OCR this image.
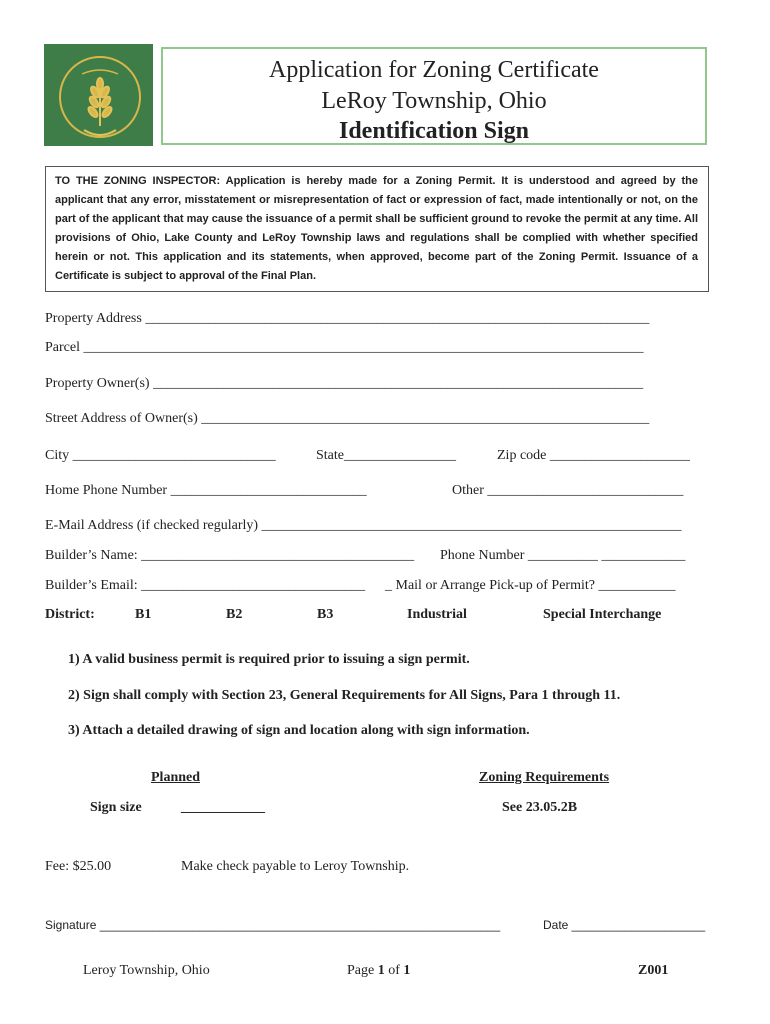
Application for Zoning Certificate
LeRoy Township, Ohio
Identification Sign
TO THE ZONING INSPECTOR: Application is hereby made for a Zoning Permit. It is understood and agreed by the applicant that any error, misstatement or misrepresentation of fact or expression of fact, made intentionally or not, on the part of the applicant that may cause the issuance of a permit shall be sufficient ground to revoke the permit at any time. All provisions of Ohio, Lake County and LeRoy Township laws and regulations shall be complied with whether specified herein or not. This application and its statements, when approved, become part of the Zoning Permit. Issuance of a Certificate is subject to approval of the Final Plan.
Property Address ________________________________________________________________________
Parcel ________________________________________________________________________________
Property Owner(s) ______________________________________________________________________
Street Address of Owner(s) ________________________________________________________________
City _____________________________	State________________	Zip code ____________________
Home Phone Number ____________________________	Other ____________________________
E-Mail Address (if checked regularly) ____________________________________________________________
Builder’s Name: _______________________________________ Phone Number __________ ____________
Builder’s Email: ________________________________ _ Mail or Arrange Pick-up of Permit? ___________
District:	B1	B2	B3	Industrial	Special Interchange
1) A valid business permit is required prior to issuing a sign permit.
2) Sign shall comply with Section 23, General Requirements for All Signs, Para 1 through 11.
3) Attach a detailed drawing of sign and location along with sign information.
Planned	Zoning Requirements
Sign size	____________	See 23.05.2B
Fee: $25.00	Make check payable to Leroy Township.
Signature ____________________________________________________________	Date ____________________
Leroy Township, Ohio	Page 1 of 1	Z001
